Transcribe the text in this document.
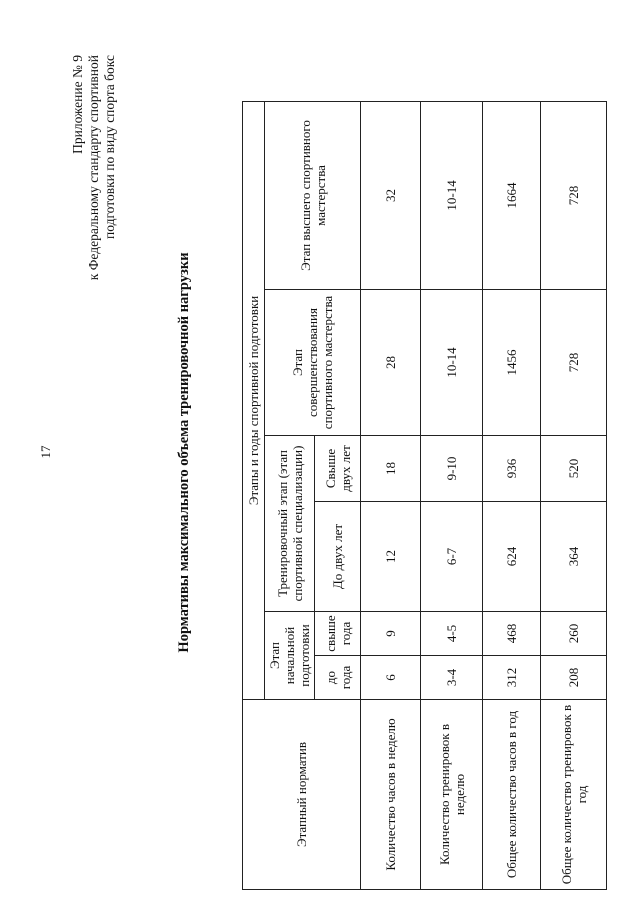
17
Приложение № 9 к Федеральному стандарту спортивной подготовки по виду спорта бокс
Нормативы максимального объема тренировочной нагрузки
Этапный норматив	Этапы и годы спортивной подготовки					
	Этап начальной подготовки		Тренировочный этап (этап спортивной специализации)		Этап совершенствования спортивного мастерства	Этап высшего спортивного мастерства
	до года	свыше года	До двух лет	Свыше двух лет		
Количество часов в неделю	6	9	12	18	28	32
Количество тренировок в неделю	3-4	4-5	6-7	9-10	10-14	10-14
Общее количество часов в год	312	468	624	936	1456	1664
Общее количество тренировок в год	208	260	364	520	728	728
